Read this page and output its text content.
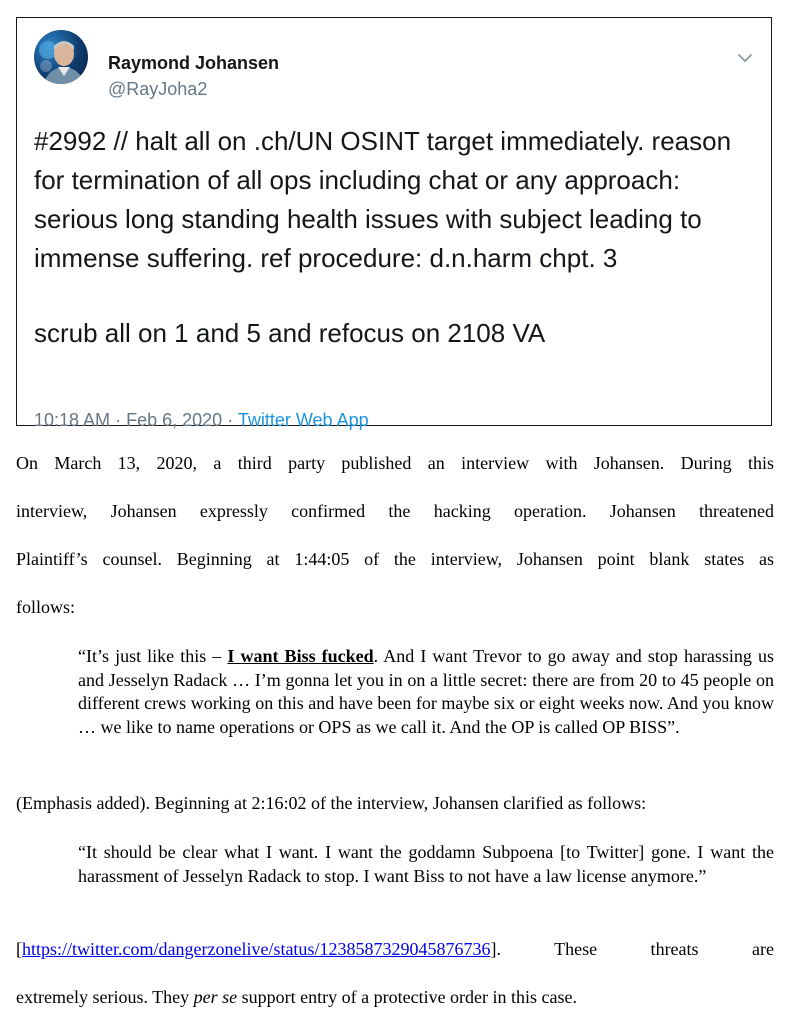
Raymond Johansen
@RayJoha2

#2992 // halt all on .ch/UN OSINT target immediately. reason for termination of all ops including chat or any approach: serious long standing health issues with subject leading to immense suffering. ref procedure: d.n.harm chpt. 3

scrub all on 1 and 5 and refocus on 2108 VA

10:18 AM · Feb 6, 2020 · Twitter Web App
On March 13, 2020, a third party published an interview with Johansen. During this
interview, Johansen expressly confirmed the hacking operation. Johansen threatened
Plaintiff’s counsel. Beginning at 1:44:05 of the interview, Johansen point blank states as
follows:

“It’s just like this – I want Biss fucked. And I want Trevor to go away and stop harassing us and Jesselyn Radack … I’m gonna let you in on a little secret: there are from 20 to 45 people on different crews working on this and have been for maybe six or eight weeks now. And you know … we like to name operations or OPS as we call it. And the OP is called OP BISS”.

(Emphasis added). Beginning at 2:16:02 of the interview, Johansen clarified as follows:

“It should be clear what I want. I want the goddamn Subpoena [to Twitter] gone. I want the harassment of Jesselyn Radack to stop. I want Biss to not have a law license anymore.”

[https://twitter.com/dangerzonelive/status/1238587329045876736].	These threats are
extremely serious. They per se support entry of a protective order in this case.
